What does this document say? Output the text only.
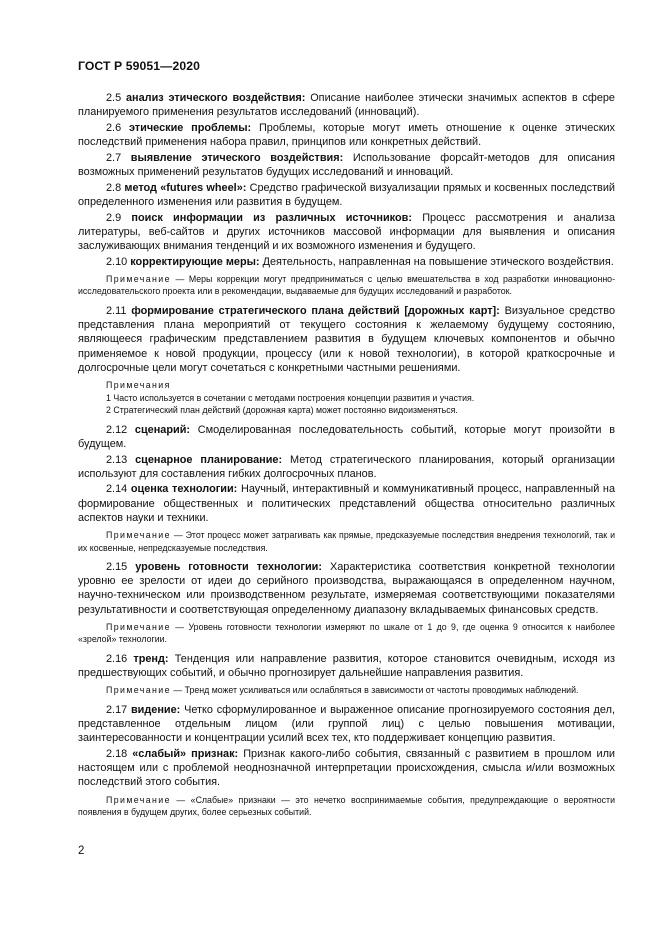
ГОСТ Р 59051—2020

2.5 анализ этического воздействия: Описание наиболее этически значимых аспектов в сфере планируемого применения результатов исследований (инноваций).

2.6 этические проблемы: Проблемы, которые могут иметь отношение к оценке этических последствий применения набора правил, принципов или конкретных действий.

2.7 выявление этического воздействия: Использование форсайт-методов для описания возможных применений результатов будущих исследований и инноваций.

2.8 метод «futures wheel»: Средство графической визуализации прямых и косвенных последствий определенного изменения или развития в будущем.

2.9 поиск информации из различных источников: Процесс рассмотрения и анализа литературы, веб-сайтов и других источников массовой информации для выявления и описания заслуживающих внимания тенденций и их возможного изменения и будущего.

2.10 корректирующие меры: Деятельность, направленная на повышение этического воздействия.

Примечание — Меры коррекции могут предприниматься с целью вмешательства в ход разработки инновационно-исследовательского проекта или в рекомендации, выдаваемые для будущих исследований и разработок.

2.11 формирование стратегического плана действий [дорожных карт]: Визуальное средство представления плана мероприятий от текущего состояния к желаемому будущему состоянию, являющееся графическим представлением развития в будущем ключевых компонентов и обычно применяемое к новой продукции, процессу (или к новой технологии), в которой краткосрочные и долгосрочные цели могут сочетаться с конкретными частными решениями.

Примечания
1 Часто используется в сочетании с методами построения концепции развития и участия.
2 Стратегический план действий (дорожная карта) может постоянно видоизменяться.

2.12 сценарий: Смоделированная последовательность событий, которые могут произойти в будущем.

2.13 сценарное планирование: Метод стратегического планирования, который организации используют для составления гибких долгосрочных планов.

2.14 оценка технологии: Научный, интерактивный и коммуникативный процесс, направленный на формирование общественных и политических представлений общества относительно различных аспектов науки и техники.

Примечание — Этот процесс может затрагивать как прямые, предсказуемые последствия внедрения технологий, так и их косвенные, непредсказуемые последствия.

2.15 уровень готовности технологии: Характеристика соответствия конкретной технологии уровню ее зрелости от идеи до серийного производства, выражающаяся в определенном научном, научно-техническом или производственном результате, измеряемая соответствующими показателями результативности и соответствующая определенному диапазону вкладываемых финансовых средств.

Примечание — Уровень готовности технологии измеряют по шкале от 1 до 9, где оценка 9 относится к наиболее «зрелой» технологии.

2.16 тренд: Тенденция или направление развития, которое становится очевидным, исходя из предшествующих событий, и обычно прогнозирует дальнейшие направления развития.

Примечание — Тренд может усиливаться или ослабляться в зависимости от частоты проводимых наблюдений.

2.17 видение: Четко сформулированное и выраженное описание прогнозируемого состояния дел, представленное отдельным лицом (или группой лиц) с целью повышения мотивации, заинтересованности и концентрации усилий всех тех, кто поддерживает концепцию развития.

2.18 «слабый» признак: Признак какого-либо события, связанный с развитием в прошлом или настоящем или с проблемой неоднозначной интерпретации происхождения, смысла и/или возможных последствий этого события.

Примечание — «Слабые» признаки — это нечетко воспринимаемые события, предупреждающие о вероятности появления в будущем других, более серьезных событий.

2
